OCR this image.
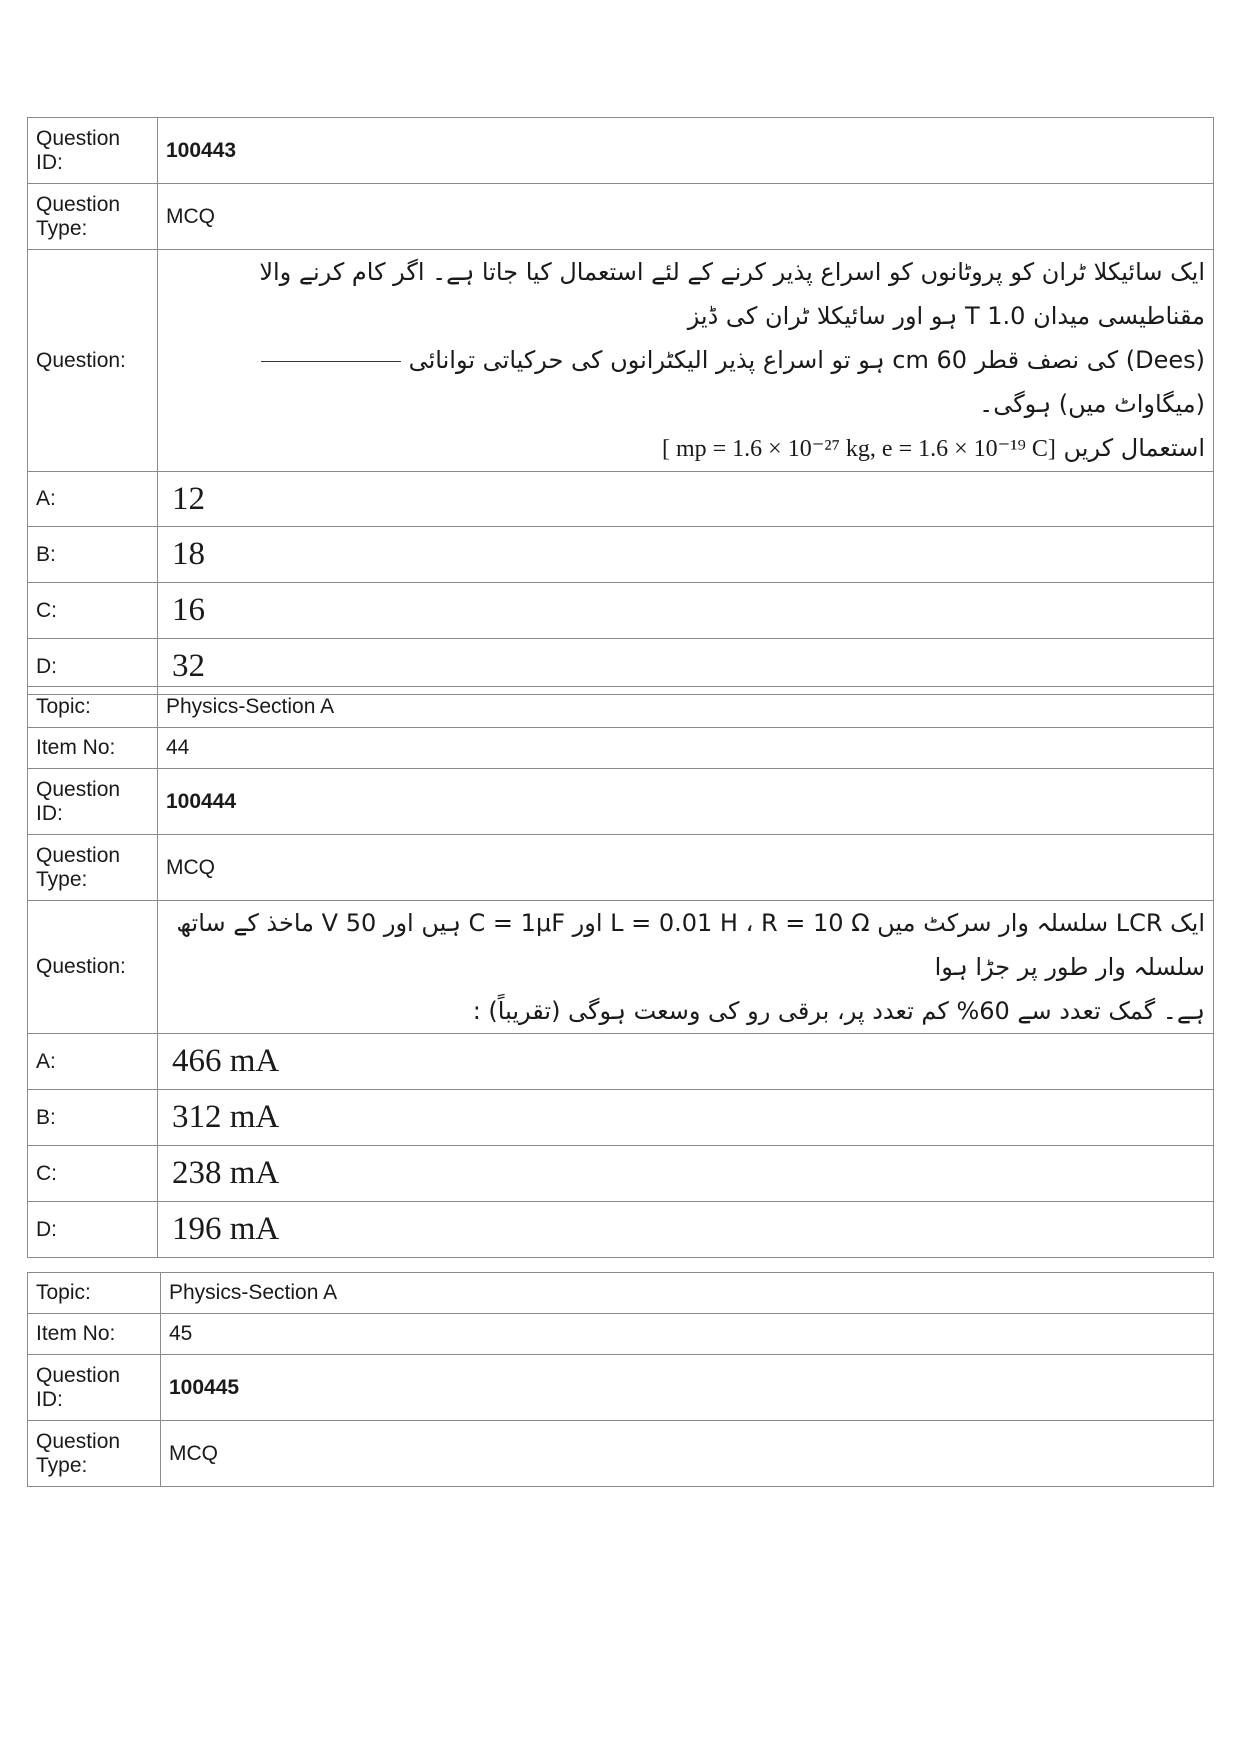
Question ID:	100443
Question Type:	MCQ
Question:	ایک سائیکلا ٹران کو پروٹانوں کو اسراع پذیر کرنے کے لئے استعمال کیا جاتا ہے۔ اگر کام کرنے والا مقناطیسی میدان 1.0 T ہو اور سائیکلا ٹران کی ڈیز
(Dees) کی نصف قطر 60 cm ہو تو اسراع پذیر الیکٹرانوں کی حرکیاتی توانائی  (میگاواٹ میں) ہوگی۔
استعمال کریں [ mp = 1.6 × 10⁻²⁷ kg, e = 1.6 × 10⁻¹⁹ C]

A:	12
B:	18
C:	16
D:	32
Topic:	Physics-Section A
Item No:	44
Question ID:	100444
Question Type:	MCQ
Question:	ایک LCR سلسلہ وار سرکٹ میں L = 0.01 H ، R = 10 Ω اور C = 1μF ہیں اور 50 V ماخذ کے ساتھ سلسلہ وار طور پر جڑا ہوا
ہے۔ گمک تعدد سے 60% کم تعدد پر، برقی رو کی وسعت ہوگی (تقریباً) :

A:	466 mA
B:	312 mA
C:	238 mA
D:	196 mA
Topic:	Physics-Section A
Item No:	45
Question ID:	100445
Question Type:	MCQ
